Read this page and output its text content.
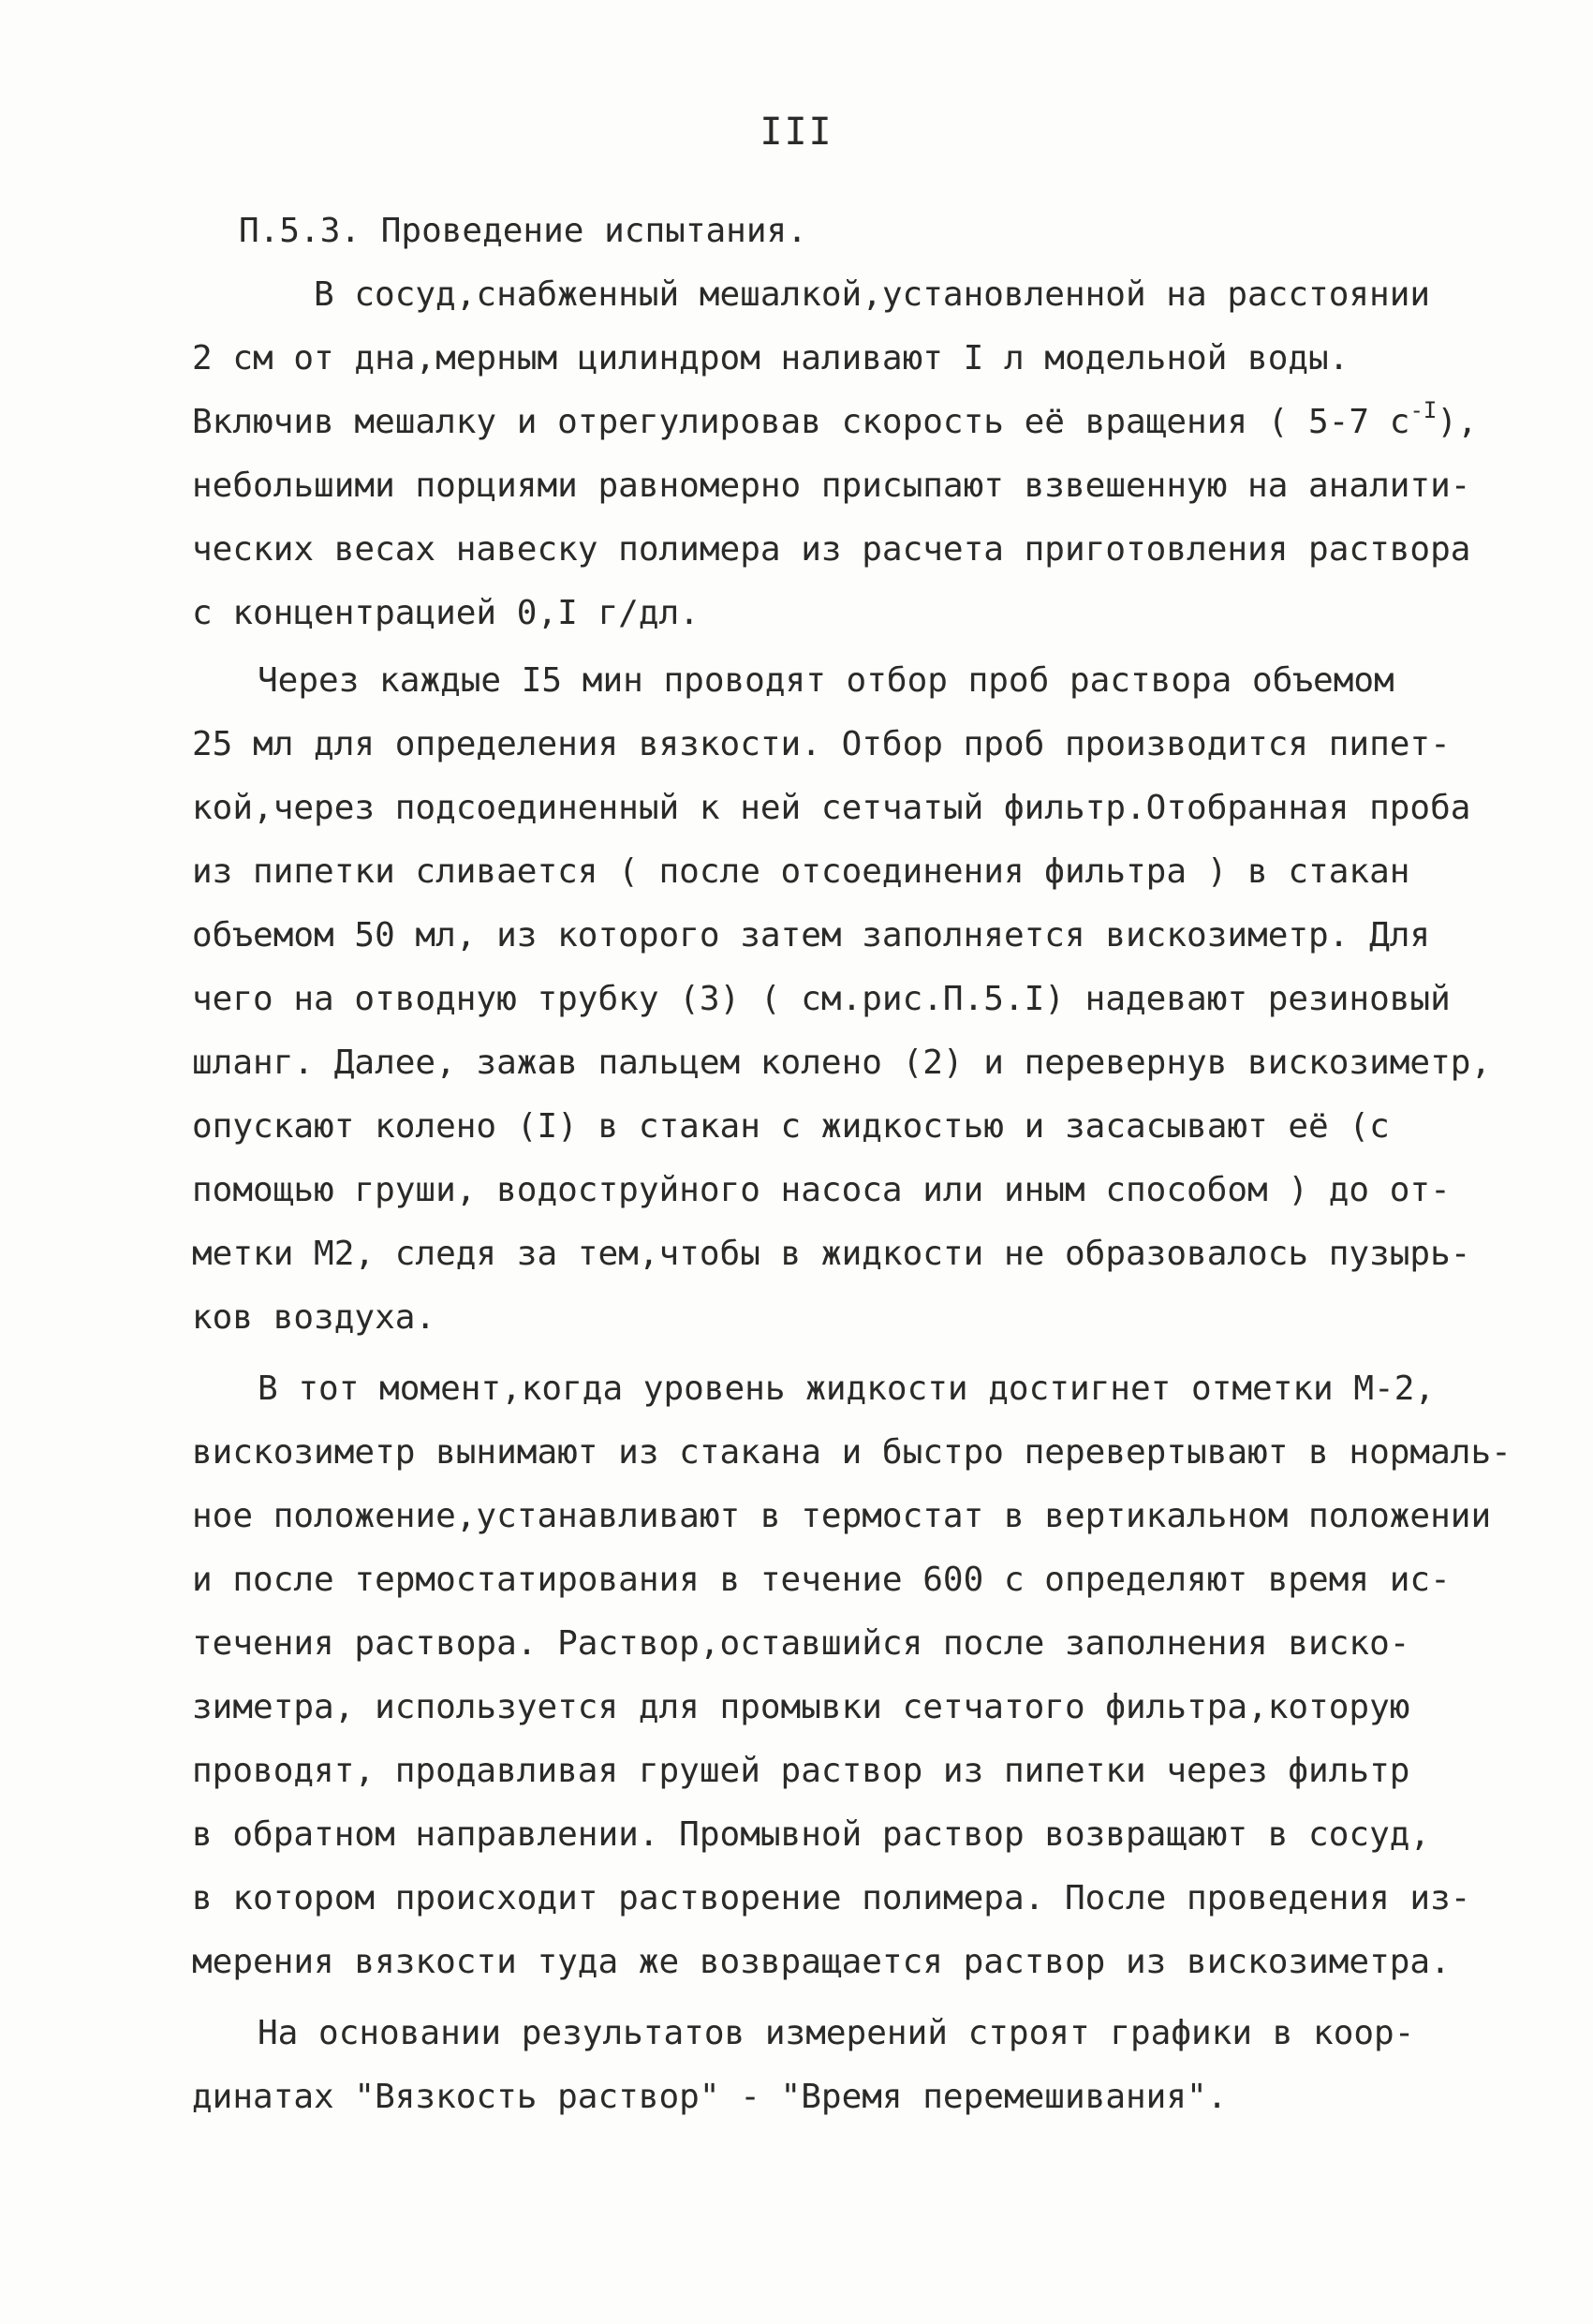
III
П.5.3. Проведение испытания.
В сосуд,снабженный мешалкой,установленной на расстоянии
2 см от дна,мерным цилиндром наливают I л модельной воды.
Включив мешалку и отрегулировав скорость её вращения ( 5-7 $с^{-I}$),
небольшими порциями равномерно присыпают взвешенную на аналити-
ческих весах навеску полимера из расчета приготовления раствора
с концентрацией 0,I г/дл.
Через каждые I5 мин проводят отбор проб раствора объемом
25 мл для определения вязкости. Отбор проб производится пипет-
кой,через подсоединенный к ней сетчатый фильтр.Отобранная проба
из пипетки сливается ( после отсоединения фильтра ) в стакан
объемом 50 мл, из которого затем заполняется вискозиметр. Для
чего на отводную трубку (3) ( см.рис.П.5.I) надевают резиновый
шланг. Далее, зажав пальцем колено (2) и перевернув вискозиметр,
опускают колено (I) в стакан с жидкостью и засасывают её (с
помощью груши, водоструйного насоса или иным способом ) до от-
метки М2, следя за тем,чтобы в жидкости не образовалось пузырь-
ков воздуха.
В тот момент,когда уровень жидкости достигнет отметки М-2,
вискозиметр вынимают из стакана и быстро перевертывают в нормаль-
ное положение,устанавливают в термостат в вертикальном положении
и после термостатирования в течение 600 с определяют время ис-
течения раствора. Раствор,оставшийся после заполнения виско-
зиметра, используется для промывки сетчатого фильтра,которую
проводят, продавливая грушей раствор из пипетки через фильтр
в обратном направлении. Промывной раствор возвращают в сосуд,
в котором происходит растворение полимера. После проведения из-
мерения вязкости туда же возвращается раствор из вискозиметра.
На основании результатов измерений строят графики в коор-
динатах "Вязкость раствор" - "Время перемешивания".
